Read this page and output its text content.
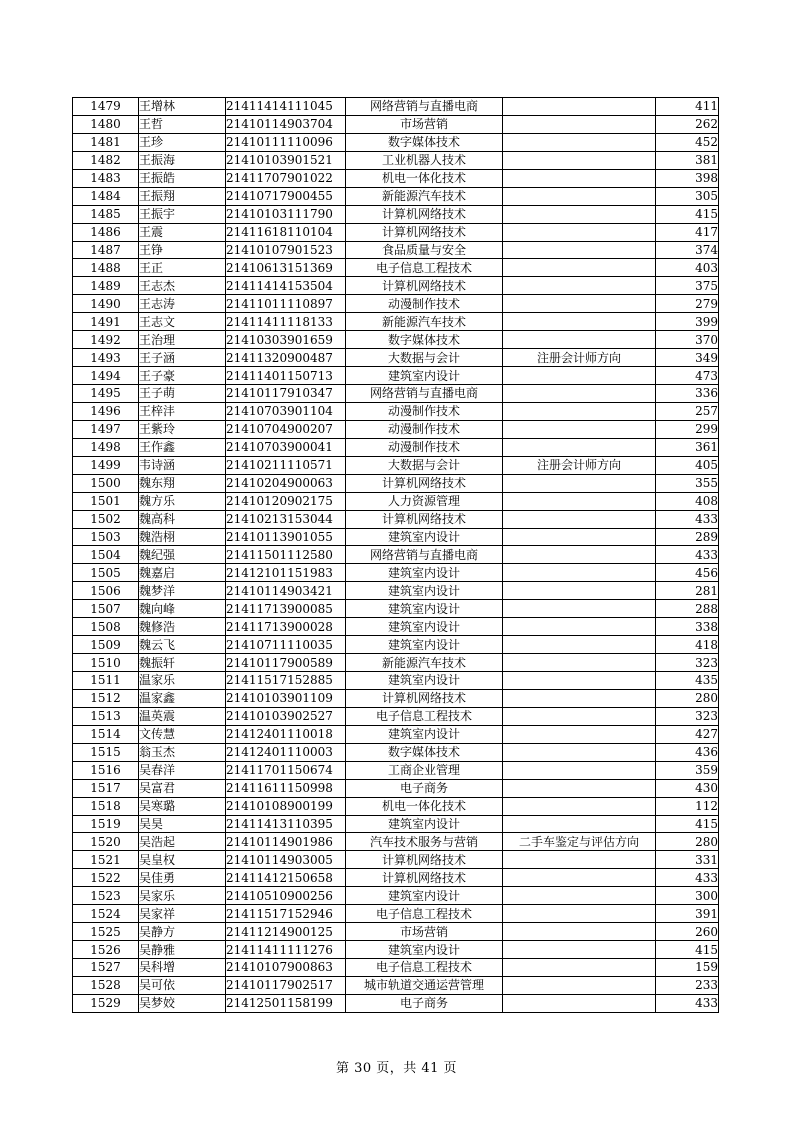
1479	王增林	21411414111045	网络营销与直播电商		411
1480	王哲	21410114903704	市场营销		262
1481	王珍	21410111110096	数字媒体技术		452
1482	王振海	21410103901521	工业机器人技术		381
1483	王振皓	21411707901022	机电一体化技术		398
1484	王振翔	21410717900455	新能源汽车技术		305
1485	王振宇	21410103111790	计算机网络技术		415
1486	王震	21411618110104	计算机网络技术		417
1487	王铮	21410107901523	食品质量与安全		374
1488	王正	21410613151369	电子信息工程技术		403
1489	王志杰	21411414153504	计算机网络技术		375
1490	王志涛	21411011110897	动漫制作技术		279
1491	王志文	21411411118133	新能源汽车技术		399
1492	王治理	21410303901659	数字媒体技术		370
1493	王子涵	21411320900487	大数据与会计	注册会计师方向	349
1494	王子豪	21411401150713	建筑室内设计		473
1495	王子萌	21410117910347	网络营销与直播电商		336
1496	王梓沣	21410703901104	动漫制作技术		257
1497	王紫玲	21410704900207	动漫制作技术		299
1498	王作鑫	21410703900041	动漫制作技术		361
1499	韦诗涵	21410211110571	大数据与会计	注册会计师方向	405
1500	魏东翔	21410204900063	计算机网络技术		355
1501	魏方乐	21410120902175	人力资源管理		408
1502	魏高科	21410213153044	计算机网络技术		433
1503	魏浩栩	21410113901055	建筑室内设计		289
1504	魏纪强	21411501112580	网络营销与直播电商		433
1505	魏嘉启	21412101151983	建筑室内设计		456
1506	魏梦洋	21410114903421	建筑室内设计		281
1507	魏向峰	21411713900085	建筑室内设计		288
1508	魏修浩	21411713900028	建筑室内设计		338
1509	魏云飞	21410711110035	建筑室内设计		418
1510	魏振轩	21410117900589	新能源汽车技术		323
1511	温家乐	21411517152885	建筑室内设计		435
1512	温家鑫	21410103901109	计算机网络技术		280
1513	温英震	21410103902527	电子信息工程技术		323
1514	文传慧	21412401110018	建筑室内设计		427
1515	翁玉杰	21412401110003	数字媒体技术		436
1516	吴春洋	21411701150674	工商企业管理		359
1517	吴富君	21411611150998	电子商务		430
1518	吴寒璐	21410108900199	机电一体化技术		112
1519	吴昊	21411413110395	建筑室内设计		415
1520	吴浩起	21410114901986	汽车技术服务与营销	二手车鉴定与评估方向	280
1521	吴皇权	21410114903005	计算机网络技术		331
1522	吴佳勇	21411412150658	计算机网络技术		433
1523	吴家乐	21410510900256	建筑室内设计		300
1524	吴家祥	21411517152946	电子信息工程技术		391
1525	吴静方	21411214900125	市场营销		260
1526	吴静雅	21411411111276	建筑室内设计		415
1527	吴科增	21410107900863	电子信息工程技术		159
1528	吴可依	21410117902517	城市轨道交通运营管理		233
1529	吴梦姣	21412501158199	电子商务		433
第 30 页，共 41 页
